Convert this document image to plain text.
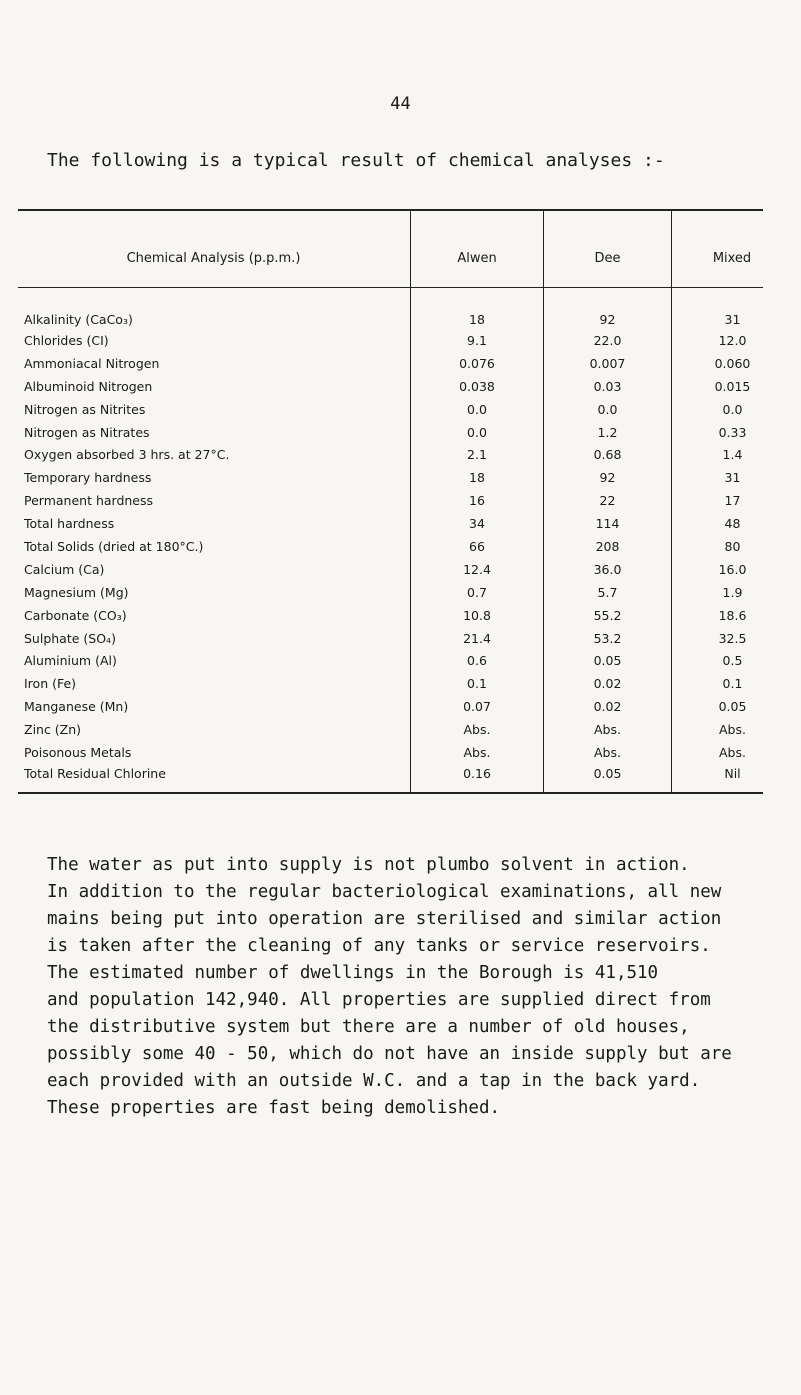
44
The following is a typical result of chemical analyses :-
Chemical Analysis (p.p.m.)	Alwen	Dee	Mixed
Alkalinity (CaCo₃)	18	92	31
Chlorides (CI)	9.1	22.0	12.0
Ammoniacal Nitrogen	0.076	0.007	0.060
Albuminoid Nitrogen	0.038	0.03	0.015
Nitrogen as Nitrites	0.0	0.0	0.0
Nitrogen as Nitrates	0.0	1.2	0.33
Oxygen absorbed 3 hrs. at 27°C.	2.1	0.68	1.4
Temporary hardness	18	92	31
Permanent hardness	16	22	17
Total hardness	34	114	48
Total Solids (dried at 180°C.)	66	208	80
Calcium (Ca)	12.4	36.0	16.0
Magnesium (Mg)	0.7	5.7	1.9
Carbonate (CO₃)	10.8	55.2	18.6
Sulphate (SO₄)	21.4	53.2	32.5
Aluminium (Al)	0.6	0.05	0.5
Iron (Fe)	0.1	0.02	0.1
Manganese (Mn)	0.07	0.02	0.05
Zinc (Zn)	Abs.	Abs.	Abs.
Poisonous Metals	Abs.	Abs.	Abs.
Total Residual Chlorine	0.16	0.05	Nil
The water as put into supply is not plumbo solvent in action.
In addition to the regular bacteriological examinations, all new
mains being put into operation are sterilised and similar action
is taken after the cleaning of any tanks or service reservoirs.
The estimated number of dwellings in the Borough is 41,510
and population 142,940. All properties are supplied direct from
the distributive system but there are a number of old houses,
possibly some 40 - 50, which do not have an inside supply but are
each provided with an outside W.C. and a tap in the back yard.
These properties are fast being demolished.
